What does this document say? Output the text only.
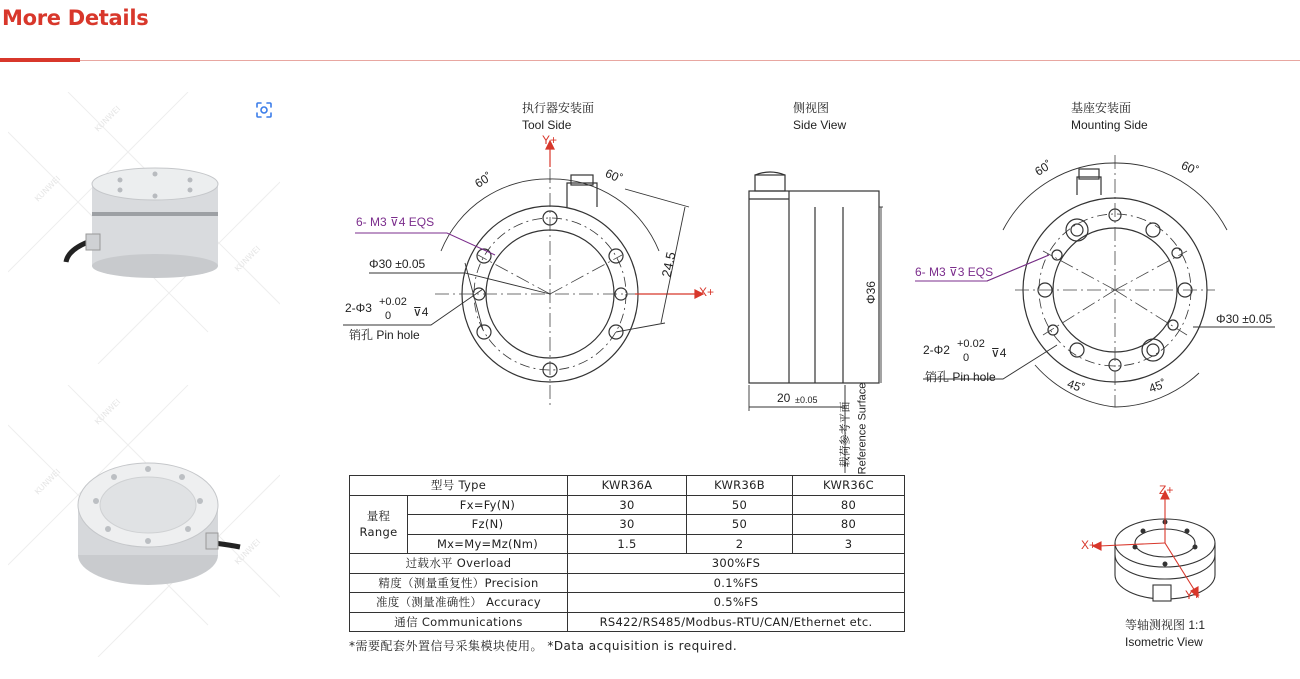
More Details
KUNWEI
KUNWEI
KUNWEI
KUNWEI
KUNWEI
KUNWEI
执行器安装面
Tool Side
侧视图
Side View
基座安装面
Mounting Side
Y+
X+
60˚	60˚
6- M3 ⊽4 EQS
Φ30 ±0.05	24.5
2-Φ3 +0.02
0 ⊽4
销孔 Pin hole
Φ36
20 ±0.05
载荷参考平面 Reference Surface
60˚	60˚
6- M3 ⊽3 EQS
Φ30 ±0.05
2-Φ2 +0.02
0 ⊽4
销孔 Pin hole	45˚	45˚
Z+
X+
Y+
等轴测视图 1:1
Isometric View
型号 Type		KWR36A	KWR36B	KWR36C

量程
Range	Fx=Fy(N)	30	50	80
	Fz(N)	30	50	80
	Mx=My=Mz(Nm)	1.5	2	3
过载水平 Overload		300%FS		
精度（测量重复性）Precision		0.1%FS		
准度（测量准确性） Accuracy		0.5%FS		
通信 Communications		RS422/RS485/Modbus-RTU/CAN/Ethernet etc.		
*需要配套外置信号采集模块使用。 *Data acquisition is required.
